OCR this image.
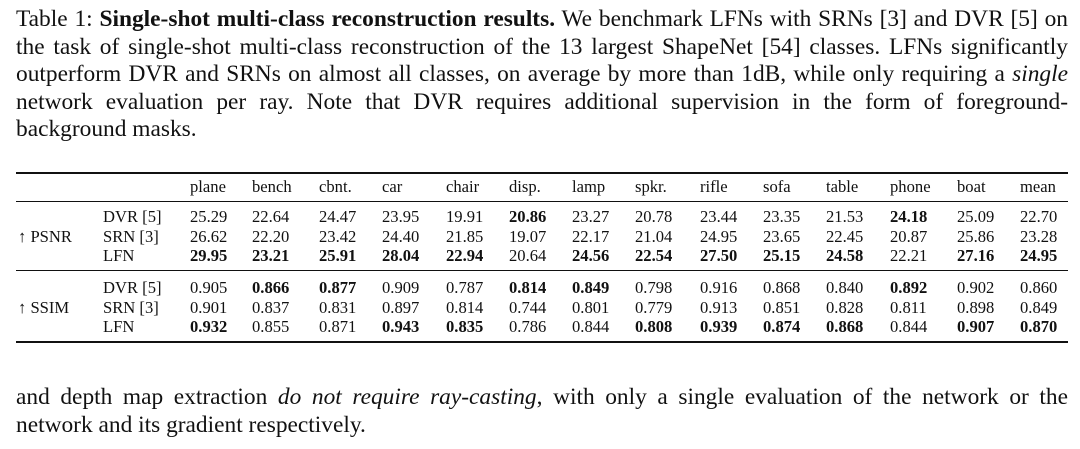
Table 1: Single-shot multi-class reconstruction results. We benchmark LFNs with SRNs [3] and DVR [5] on the task of single-shot multi-class reconstruction of the 13 largest ShapeNet [54] classes. LFNs significantly outperform DVR and SRNs on almost all classes, on average by more than 1dB, while only requiring a single network evaluation per ray. Note that DVR requires additional supervision in the form of foreground-background masks.
plane bench cbnt. car	chair disp. lamp spkr. rifle sofa table phone boat mean
↑ PSNR
DVR [5] 25.29 22.64 24.47 23.95 19.91 20.86 23.27 20.78 23.44 23.35 21.53 24.18 25.09 22.70
SRN [3] 26.62 22.20 23.42 24.40 21.85 19.07 22.17 21.04 24.95 23.65 22.45 20.87 25.86 23.28
LFN	29.95 23.21 25.91 28.04 22.94 20.64 24.56 22.54 27.50 25.15 24.58 22.21 27.16 24.95
↑ SSIM
DVR [5] 0.905 0.866 0.877 0.909 0.787 0.814 0.849 0.798 0.916 0.868 0.840 0.892 0.902 0.860
SRN [3] 0.901 0.837 0.831 0.897 0.814 0.744 0.801 0.779 0.913 0.851 0.828 0.811 0.898 0.849
LFN	0.932 0.855 0.871 0.943 0.835 0.786 0.844 0.808 0.939 0.874 0.868 0.844 0.907 0.870
and depth map extraction do not require ray-casting, with only a single evaluation of the network or the network and its gradient respectively.
